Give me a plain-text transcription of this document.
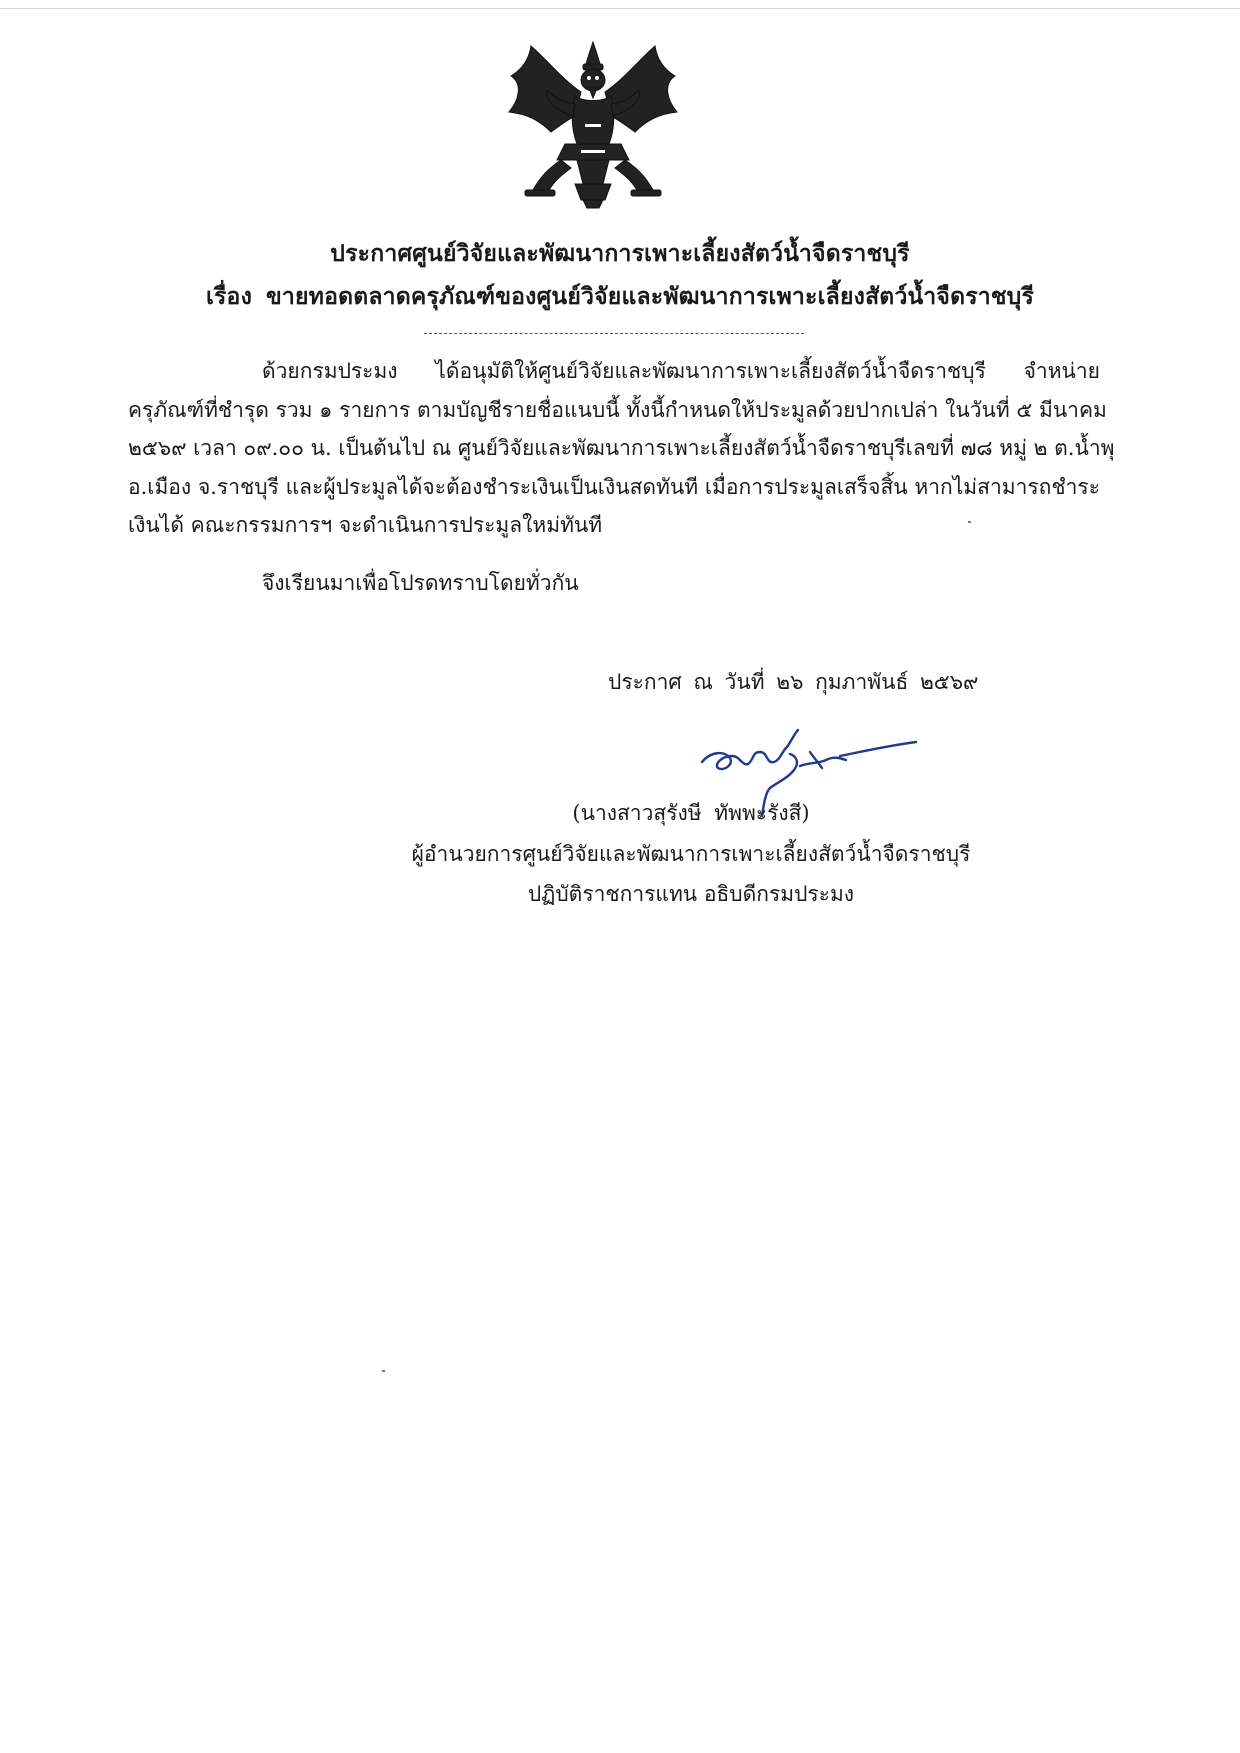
ประกาศศูนย์วิจัยและพัฒนาการเพาะเลี้ยงสัตว์น้ำจืดราชบุรี
เรื่อง ขายทอดตลาดครุภัณฑ์ของศูนย์วิจัยและพัฒนาการเพาะเลี้ยงสัตว์น้ำจืดราชบุรี
ด้วยกรมประมง ได้อนุมัติให้ศูนย์วิจัยและพัฒนาการเพาะเลี้ยงสัตว์น้ำจืดราชบุรี จำหน่าย
ครุภัณฑ์ที่ชำรุด รวม ๑ รายการ ตามบัญชีรายชื่อแนบนี้ ทั้งนี้กำหนดให้ประมูลด้วยปากเปล่า ในวันที่ ๕ มีนาคม
๒๕๖๙ เวลา ๐๙.๐๐ น. เป็นต้นไป ณ ศูนย์วิจัยและพัฒนาการเพาะเลี้ยงสัตว์น้ำจืดราชบุรีเลขที่ ๗๘ หมู่ ๒ ต.น้ำพุ
อ.เมือง จ.ราชบุรี และผู้ประมูลได้จะต้องชำระเงินเป็นเงินสดทันที เมื่อการประมูลเสร็จสิ้น หากไม่สามารถชำระ
เงินได้ คณะกรรมการฯ จะดำเนินการประมูลใหม่ทันที
จึงเรียนมาเพื่อโปรดทราบโดยทั่วกัน
ประกาศ ณ วันที่ ๒๖ กุมภาพันธ์ ๒๕๖๙
(นางสาวสุรังษี ทัพพะรังสี)
ผู้อำนวยการศูนย์วิจัยและพัฒนาการเพาะเลี้ยงสัตว์น้ำจืดราชบุรี
ปฏิบัติราชการแทน อธิบดีกรมประมง
